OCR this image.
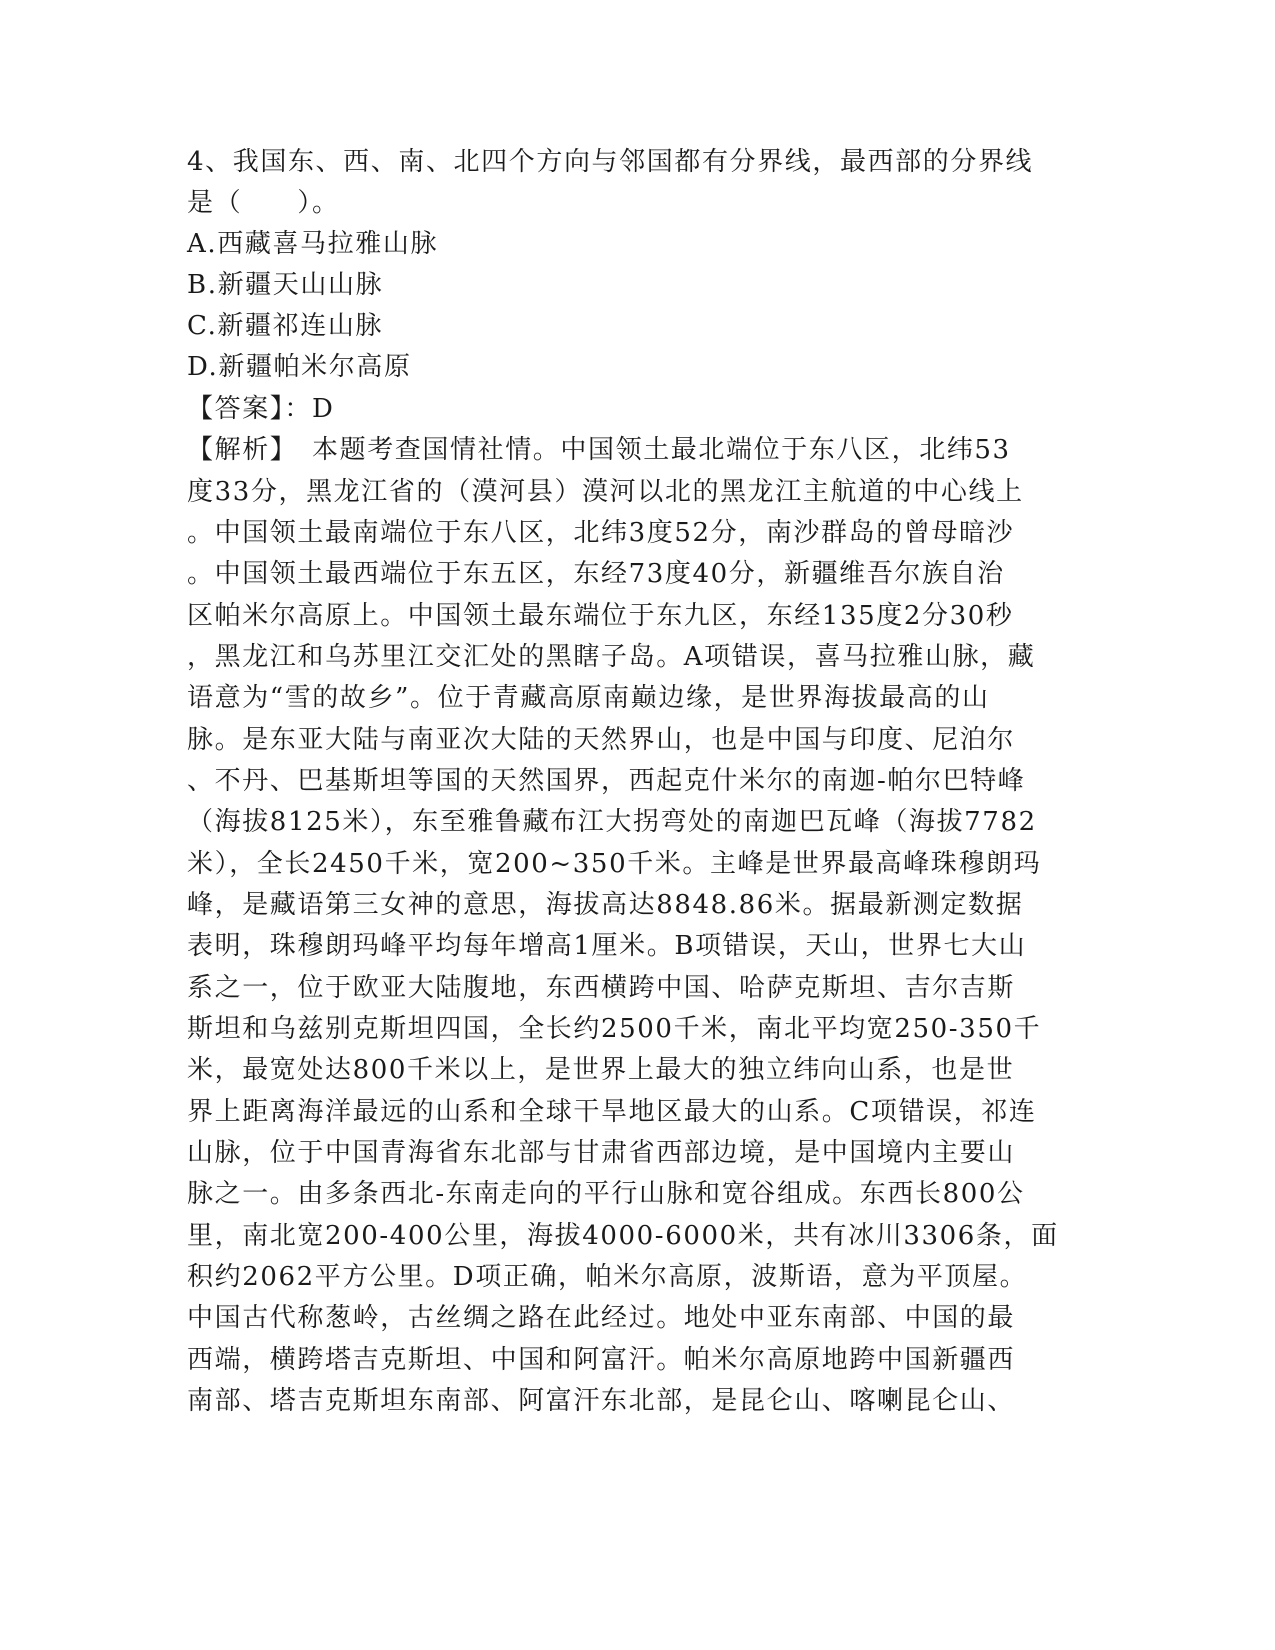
4、我国东、西、南、北四个方向与邻国都有分界线，最西部的分界线
是（　　）。
A.西藏喜马拉雅山脉
B.新疆天山山脉
C.新疆祁连山脉
D.新疆帕米尔高原
【答案】：D
【解析】　本题考查国情社情。中国领土最北端位于东八区，北纬53
度33分，黑龙江省的（漠河县）漠河以北的黑龙江主航道的中心线上
。中国领土最南端位于东八区，北纬3度52分，南沙群岛的曾母暗沙
。中国领土最西端位于东五区，东经73度40分，新疆维吾尔族自治
区帕米尔高原上。中国领土最东端位于东九区，东经135度2分30秒
，黑龙江和乌苏里江交汇处的黑瞎子岛。A项错误，喜马拉雅山脉，藏
语意为“雪的故乡”。位于青藏高原南巅边缘，是世界海拔最高的山
脉。是东亚大陆与南亚次大陆的天然界山，也是中国与印度、尼泊尔
、不丹、巴基斯坦等国的天然国界，西起克什米尔的南迦-帕尔巴特峰
（海拔8125米），东至雅鲁藏布江大拐弯处的南迦巴瓦峰（海拔7782
米），全长2450千米，宽200~350千米。主峰是世界最高峰珠穆朗玛
峰，是藏语第三女神的意思，海拔高达8848.86米。据最新测定数据
表明，珠穆朗玛峰平均每年增高1厘米。B项错误，天山，世界七大山
系之一，位于欧亚大陆腹地，东西横跨中国、哈萨克斯坦、吉尔吉斯
斯坦和乌兹别克斯坦四国，全长约2500千米，南北平均宽250-350千
米，最宽处达800千米以上，是世界上最大的独立纬向山系，也是世
界上距离海洋最远的山系和全球干旱地区最大的山系。C项错误，祁连
山脉，位于中国青海省东北部与甘肃省西部边境，是中国境内主要山
脉之一。由多条西北-东南走向的平行山脉和宽谷组成。东西长800公
里，南北宽200-400公里，海拔4000-6000米，共有冰川3306条，面
积约2062平方公里。D项正确，帕米尔高原，波斯语，意为平顶屋。
中国古代称葱岭，古丝绸之路在此经过。地处中亚东南部、中国的最
西端，横跨塔吉克斯坦、中国和阿富汗。帕米尔高原地跨中国新疆西
南部、塔吉克斯坦东南部、阿富汗东北部，是昆仑山、喀喇昆仑山、
